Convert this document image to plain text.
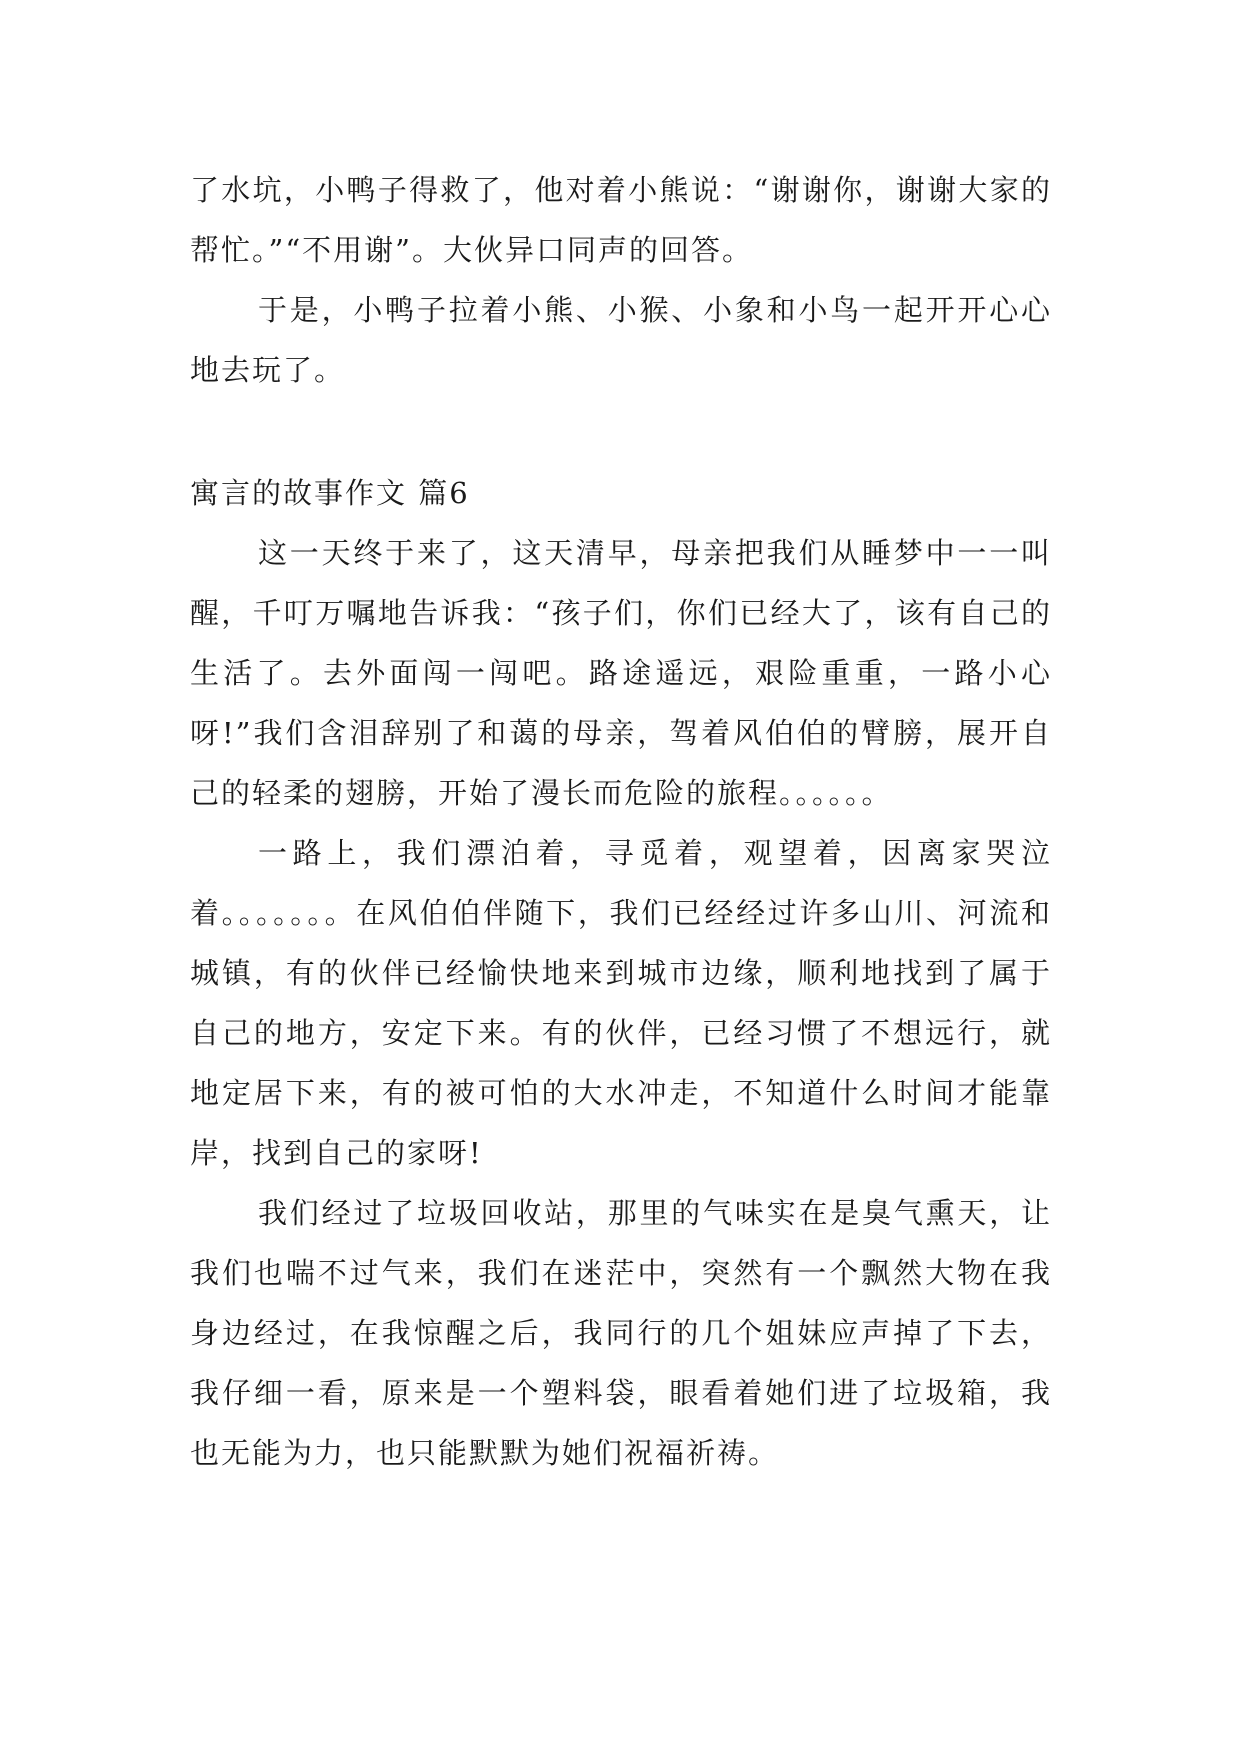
了水坑，小鸭子得救了，他对着小熊说：“谢谢你，谢谢大家的帮忙。”“不用谢”。大伙异口同声的回答。

于是，小鸭子拉着小熊、小猴、小象和小鸟一起开开心心地去玩了。

寓言的故事作文 篇6

这一天终于来了，这天清早，母亲把我们从睡梦中一一叫醒，千叮万嘱地告诉我：“孩子们，你们已经大了，该有自己的生活了。去外面闯一闯吧。路途遥远，艰险重重，一路小心呀!”我们含泪辞别了和蔼的母亲，驾着风伯伯的臂膀，展开自己的轻柔的翅膀，开始了漫长而危险的旅程。。。。。。

一路上，我们漂泊着，寻觅着，观望着，因离家哭泣着。。。。。。。在风伯伯伴随下，我们已经经过许多山川、河流和城镇，有的伙伴已经愉快地来到城市边缘，顺利地找到了属于自己的地方，安定下来。有的伙伴，已经习惯了不想远行，就地定居下来，有的被可怕的大水冲走，不知道什么时间才能靠岸，找到自己的家呀!

我们经过了垃圾回收站，那里的气味实在是臭气熏天，让我们也喘不过气来，我们在迷茫中，突然有一个飘然大物在我身边经过，在我惊醒之后，我同行的几个姐妹应声掉了下去，我仔细一看，原来是一个塑料袋，眼看着她们进了垃圾箱，我也无能为力，也只能默默为她们祝福祈祷。
